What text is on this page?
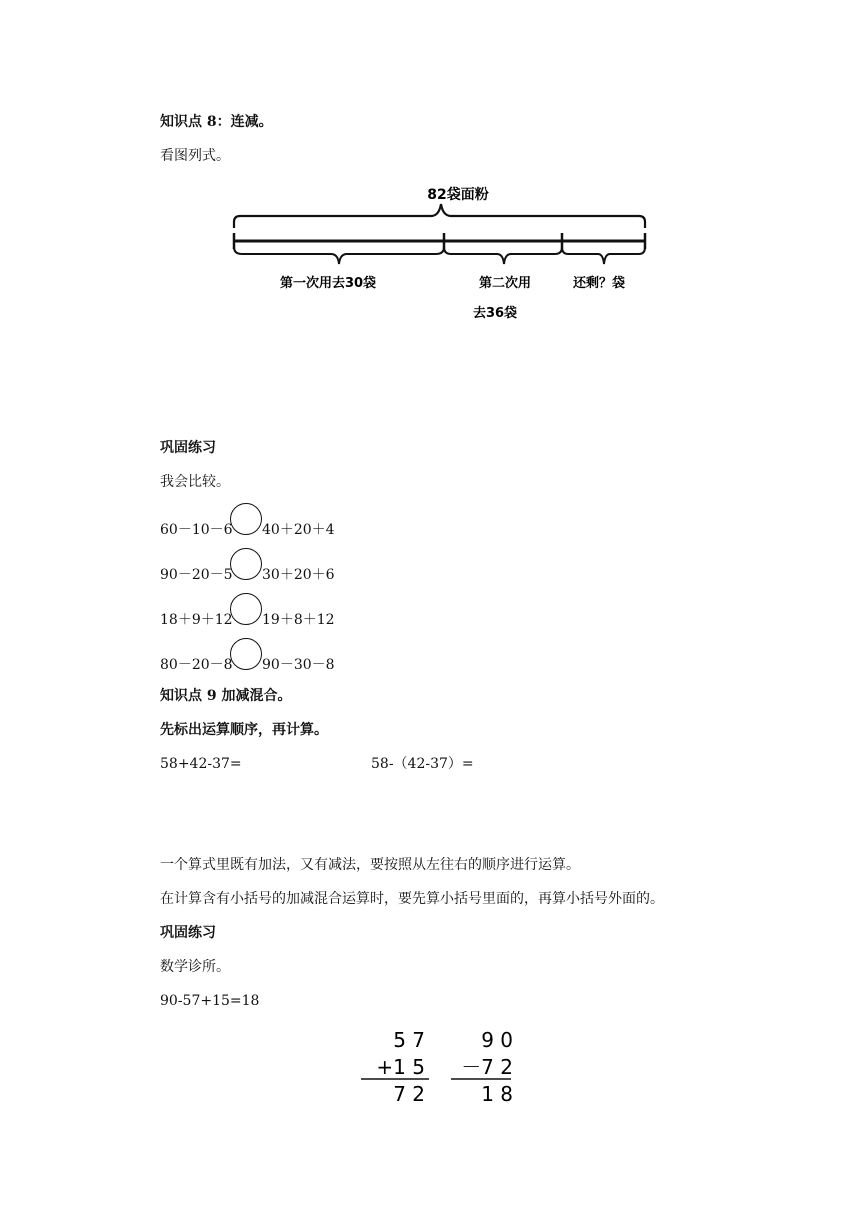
知识点 8：连减。
看图列式。
82袋面粉
第一次用去30袋	第二次用
去36袋
还剩？袋
巩固练习
我会比较。
60－10－6 40＋20＋4
90－20－5 30＋20＋6
18＋9＋12 19＋8＋12
80－20－8 90－30－8
知识点 9 加减混合。
先标出运算顺序，再计算。
58+42-37=	58-（42-37）=
一个算式里既有加法，又有减法，要按照从左往右的顺序进行运算。
在计算含有小括号的加减混合运算时，要先算小括号里面的，再算小括号外面的。
巩固练习
数学诊所。
90-57+15=18
5 7
+1 5
7 2
9 0
－7 2
1 8
